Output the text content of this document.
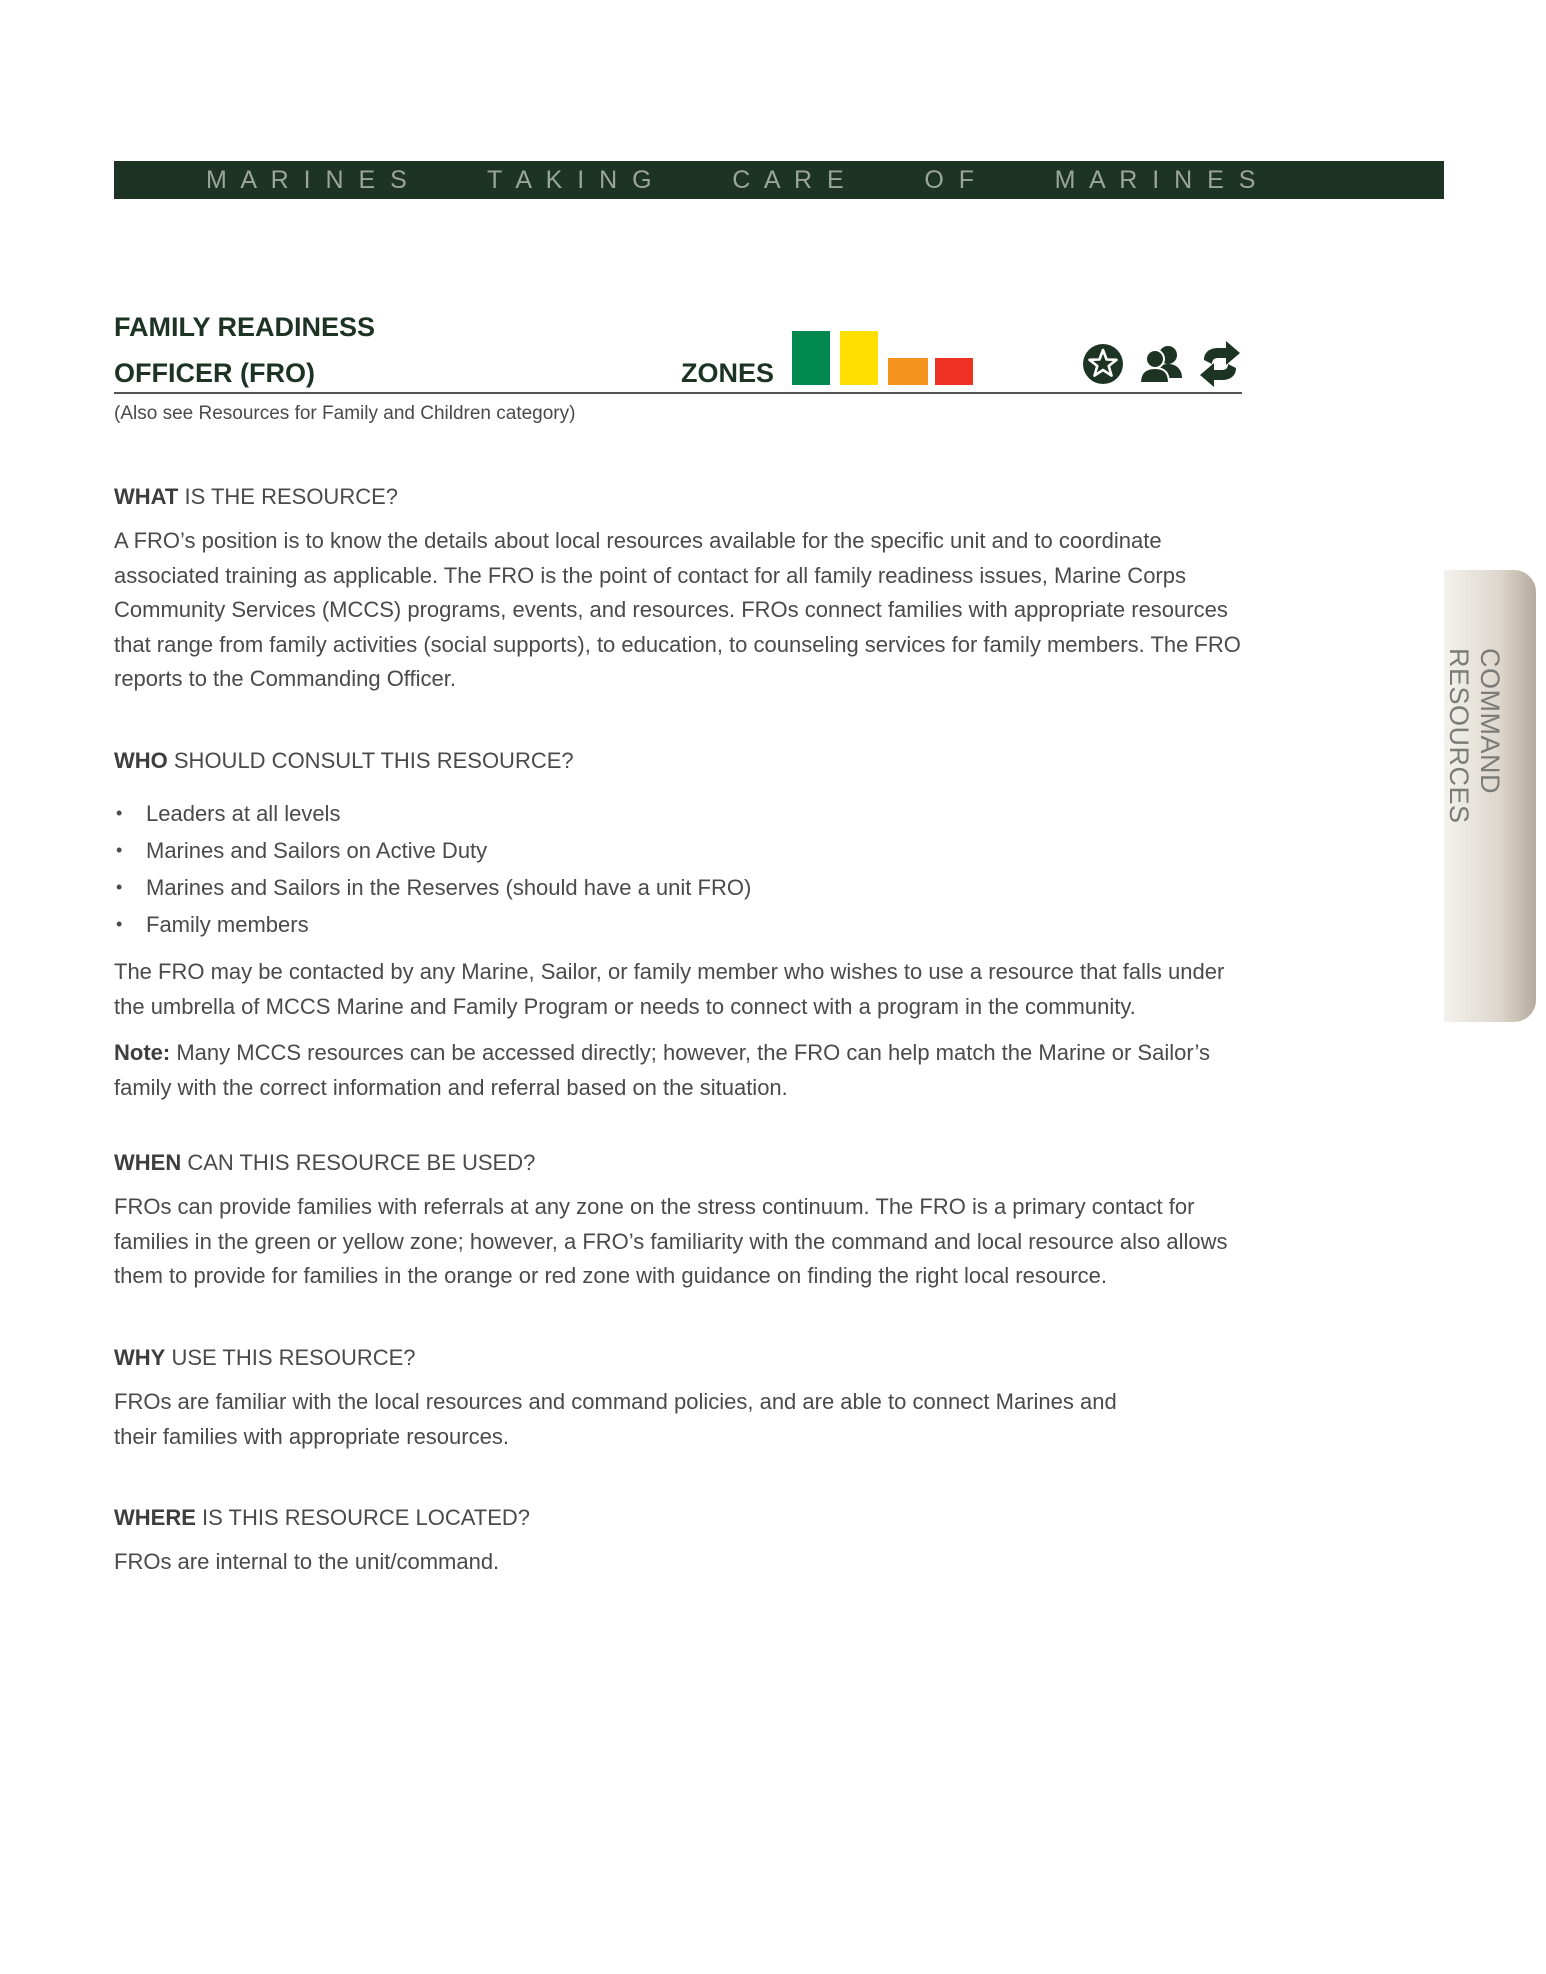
M A R I N E S       T A K I N G       C A R E       O F       M A R I N E S

FAMILY READINESS
OFFICER (FRO)	ZONES
(Also see Resources for Family and Children category)
WHAT IS THE RESOURCE?

A FRO’s position is to know the details about local resources available for the specific unit and to coordinate associated training as applicable. The FRO is the point of contact for all family readiness issues, Marine Corps Community Services (MCCS) programs, events, and resources. FROs connect families with appropriate resources that range from family activities (social supports), to education, to counseling services for family members. The FRO reports to the Commanding Officer.

WHO SHOULD CONSULT THIS RESOURCE?
• Leaders at all levels
• Marines and Sailors on Active Duty
• Marines and Sailors in the Reserves (should have a unit FRO)
• Family members

The FRO may be contacted by any Marine, Sailor, or family member who wishes to use a resource that falls under the umbrella of MCCS Marine and Family Program or needs to connect with a program in the community.

Note: Many MCCS resources can be accessed directly; however, the FRO can help match the Marine or Sailor’s family with the correct information and referral based on the situation.

WHEN CAN THIS RESOURCE BE USED?

FROs can provide families with referrals at any zone on the stress continuum. The FRO is a primary contact for families in the green or yellow zone; however, a FRO’s familiarity with the command and local resource also allows them to provide for families in the orange or red zone with guidance on finding the right local resource.

WHY USE THIS RESOURCE?

FROs are familiar with the local resources and command policies, and are able to connect Marines and
their families with appropriate resources.

WHERE IS THIS RESOURCE LOCATED?

FROs are internal to the unit/command.

COMMAND RESOURCES
